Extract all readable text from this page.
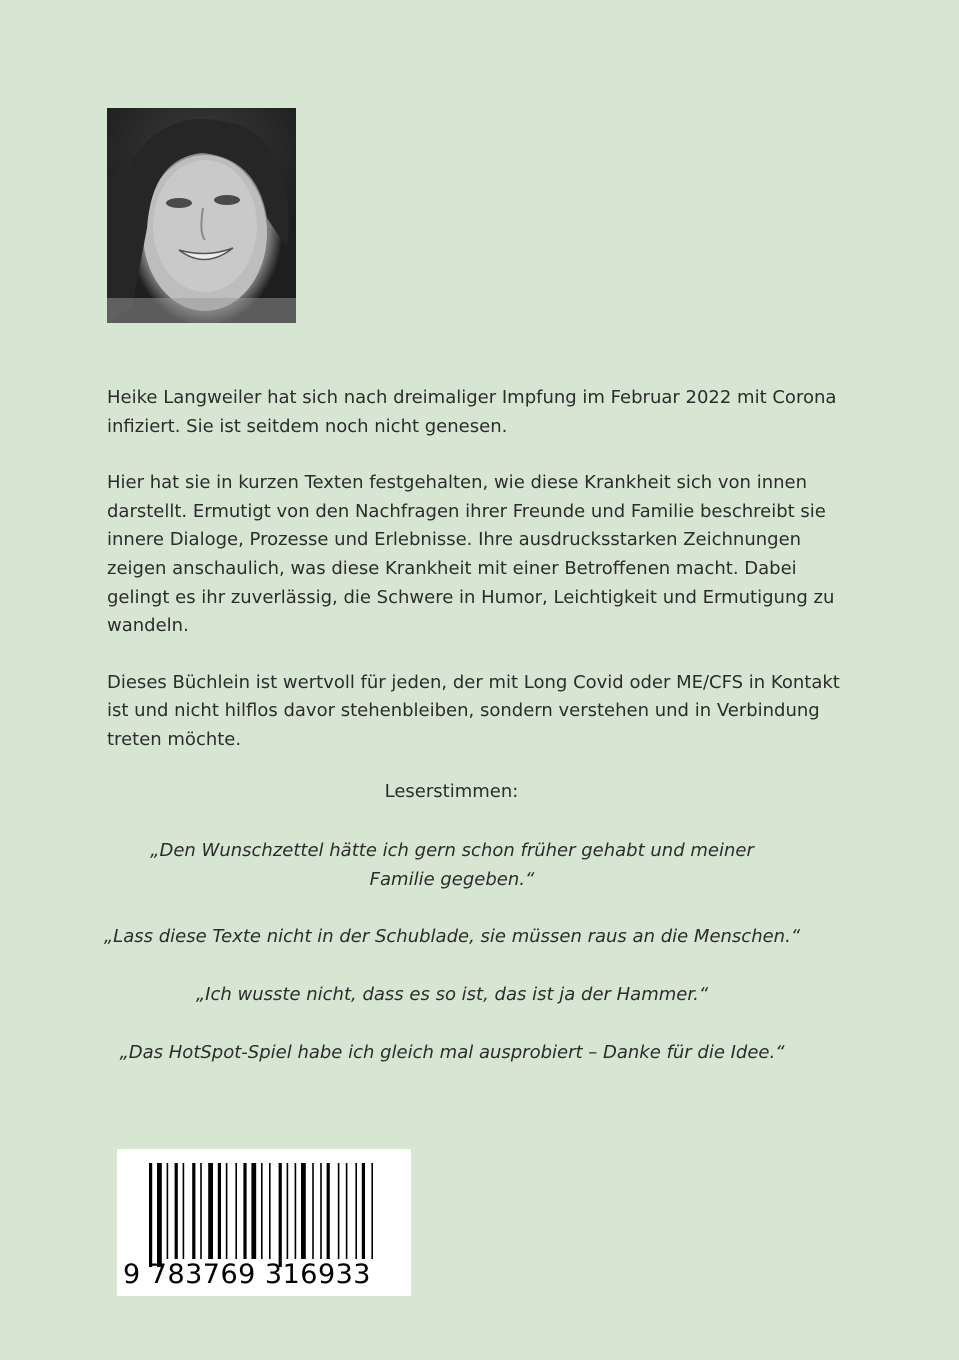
Heike Langweiler hat sich nach dreimaliger Impfung im Februar 2022 mit Corona infiziert. Sie ist seitdem noch nicht genesen.

Hier hat sie in kurzen Texten festgehalten, wie diese Krankheit sich von innen darstellt. Ermutigt von den Nachfragen ihrer Freunde und Familie beschreibt sie innere Dialoge, Prozesse und Erlebnisse. Ihre ausdrucksstarken Zeichnungen zeigen anschaulich, was diese Krankheit mit einer Betroffenen macht. Dabei gelingt es ihr zuverlässig, die Schwere in Humor, Leichtigkeit und Ermutigung zu wandeln.

Dieses Büchlein ist wertvoll für jeden, der mit Long Covid oder ME/CFS in Kontakt ist und nicht hilflos davor stehenbleiben, sondern verstehen und in Verbindung treten möchte.

Leserstimmen:
„Den Wunschzettel hätte ich gern schon früher gehabt und meiner Familie gegeben.“
„Lass diese Texte nicht in der Schublade, sie müssen raus an die Menschen.“
„Ich wusste nicht, dass es so ist, das ist ja der Hammer.“
„Das HotSpot-Spiel habe ich gleich mal ausprobiert – Danke für die Idee.“
9 783769 316933
